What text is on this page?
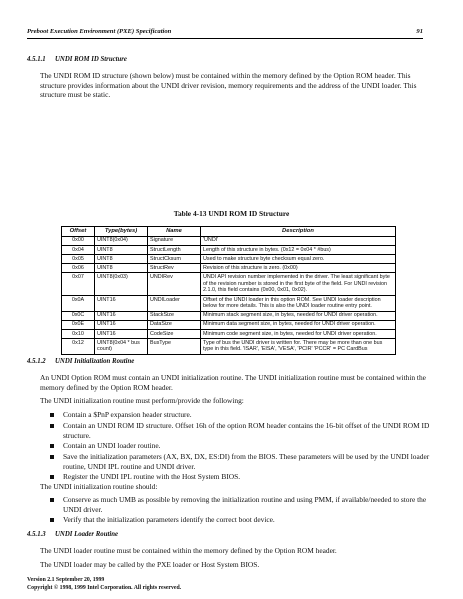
Preboot Execution Environment (PXE) Specification	91
4.5.1.1 UNDI ROM ID Structure
The UNDI ROM ID structure (shown below) must be contained within the memory defined by the Option ROM header. This structure provides information about the UNDI driver revision, memory requirements and the address of the UNDI loader. This structure must be static.
Table 4-13 UNDI ROM ID Structure
Offset	Type(bytes)	Name	Description
0x00	UINT8(0x04)	Signature	'UNDI'
0x04	UINT8	StructLength	Length of this structure in bytes. (0x12 = 0x04 * #bus)
0x05	UINT8	StructCksum	Used to make structure byte checksum equal zero.
0x06	UINT8	StructRev	Revision of this structure is zero. (0x00)
0x07	UINT8(0x03)	UNDIRev	UNDI API revision number implemented in the driver. The least significant byte of the revision number is stored in the first byte of the field. For UNDI revision 2.1.0, this field contains (0x00, 0x01, 0x02).
0x0A	UINT16	UNDILoader	Offset of the UNDI loader in this option ROM. See UNDI loader description below for more details. This is also the UNDI loader routine entry point.
0x0C	UINT16	StackSize	Minimum stack segment size, in bytes, needed for UNDI driver operation.
0x0E	UINT16	DataSize	Minimum data segment size, in bytes, needed for UNDI driver operation.
0x10	UINT16	CodeSize	Minimum code segment size, in bytes, needed for UNDI driver operation.
0x12	UINT8(0x04 * bus count)	BusType	Type of bus the UNDI driver is written for. There may be more than one bus type in this field. 'ISAR', 'EISA', 'VESA', 'PCIR' 'PCCR' = PC CardBus
4.5.1.2 UNDI Initialization Routine
An UNDI Option ROM must contain an UNDI initialization routine. The UNDI initialization routine must be contained within the memory defined by the Option ROM header.
The UNDI initialization routine must perform/provide the following:
Contain a $PnP expansion header structure.
Contain an UNDI ROM ID structure. Offset 16h of the option ROM header contains the 16-bit offset of the UNDI ROM ID structure.
Contain an UNDI loader routine.
Save the initialization parameters (AX, BX, DX, ES:DI) from the BIOS. These parameters will be used by the UNDI loader routine, UNDI IPL routine and UNDI driver.
Register the UNDI IPL routine with the Host System BIOS.
The UNDI initialization routine should:
Conserve as much UMB as possible by removing the initialization routine and using PMM, if available/needed to store the UNDI driver.
Verify that the initialization parameters identify the correct boot device.
4.5.1.3 UNDI Loader Routine
The UNDI loader routine must be contained within the memory defined by the Option ROM header.
The UNDI loader may be called by the PXE loader or Host System BIOS.
Version 2.1 September 20, 1999
Copyright © 1998, 1999 Intel Corporation. All rights reserved.
